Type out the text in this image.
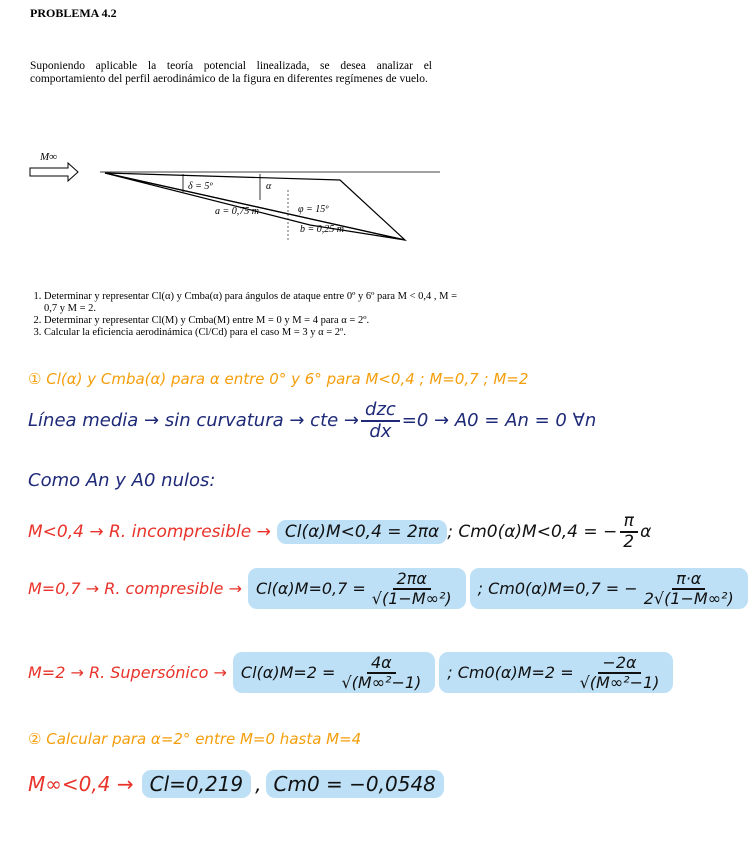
PROBLEMA 4.2
Suponiendo aplicable la teoría potencial linealizada, se desea analizar el comportamiento del perfil aerodinámico de la figura en diferentes regímenes de vuelo.
M∞
δ = 5º	α
a = 0,75 m	φ = 15º
b = 0,25 m
1. Determinar y representar Cl(α) y Cmba(α) para ángulos de ataque entre 0º y 6º para M < 0,4 , M = 0,7 y M = 2.
2. Determinar y representar Cl(M) y Cmba(M) entre M = 0 y M = 4 para α = 2º.
3. Calcular la eficiencia aerodinámica (Cl/Cd) para el caso M = 3 y α = 2º.
① Cl(α) y Cmba(α) para α entre 0° y 6° para M<0,4 ; M=0,7 ; M=2
Línea media → sin curvatura → cte → $\frac{\text{dzc}}{dx} =0 \to A0 = An = 0$ ∀n
Como An y A0 nulos:
M<0,4 → R. incompresible → Cl(α)M<0,4 = 2πα ; Cm0(α)M<0,4 = − $\frac{\pi}{2}$ α
M=0,7 → R. compresible → $Cl(\alpha)M=0,7 = \frac{2\pi\alpha}{\text{√(1−M∞²)}}$ ; Cm0(α)M=0,7 = − $\frac{\pi\cdot\alpha}{\text{2√(1−M∞²)}}$
M=2 → R. Supersónico → $Cl(\alpha)M=2 = \frac{4\alpha}{\text{√(M∞²−1)}}$ ; $Cm0(\alpha)M=2 = \frac{-2\alpha}{\text{√(M∞²−1)}}$
② Calcular para α=2° entre M=0 hasta M=4
M∞<0,4 → Cl=0,219 , Cm0 = −0,0548
